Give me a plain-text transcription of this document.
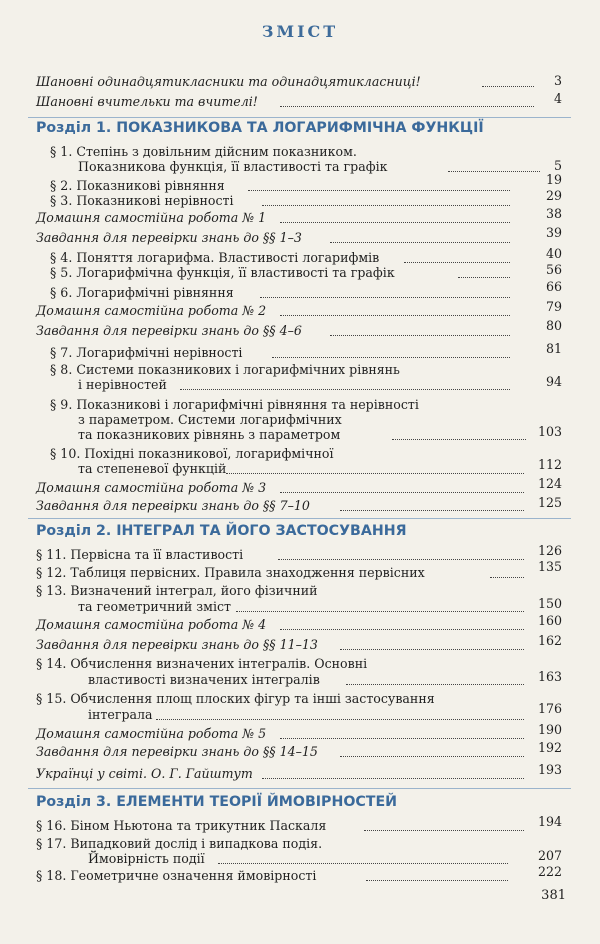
ЗМІСТ
Шановні одинадцятикласники та одинадцятикласниці!	3
Шановні вчительки та вчителі!	4
Розділ 1. ПОКАЗНИКОВА ТА ЛОГАРИФМІЧНА ФУНКЦІЇ
§ 1. Степінь з довільним дійсним показником.
Показникова функція, її властивості та графік	5
§ 2. Показникові рівняння	19
§ 3. Показникові нерівності	29
Домашня самостійна робота № 1	38
Завдання для перевірки знань до §§ 1–3	39
§ 4. Поняття логарифма. Властивості логарифмів	40
§ 5. Логарифмічна функція, її властивості та графік	56
§ 6. Логарифмічні рівняння	66
Домашня самостійна робота № 2	79
Завдання для перевірки знань до §§ 4–6	80
§ 7. Логарифмічні нерівності	81
§ 8. Системи показникових і логарифмічних рівнянь
і нерівностей	94
§ 9. Показникові і логарифмічні рівняння та нерівності
з параметром. Системи логарифмічних
та показникових рівнянь з параметром	103
§ 10. Похідні показникової, логарифмічної
та степеневої функцій	112
Домашня самостійна робота № 3	124
Завдання для перевірки знань до §§ 7–10	125
Розділ 2. ІНТЕГРАЛ ТА ЙОГО ЗАСТОСУВАННЯ
§ 11. Первісна та її властивості	126
§ 12. Таблиця первісних. Правила знаходження первісних	135
§ 13. Визначений інтеграл, його фізичний
та геометричний зміст	150
Домашня самостійна робота № 4	160
Завдання для перевірки знань до §§ 11–13	162
§ 14. Обчислення визначених інтегралів. Основні
властивості визначених інтегралів	163
§ 15. Обчислення площ плоских фігур та інші застосування
інтеграла	176
Домашня самостійна робота № 5	190
Завдання для перевірки знань до §§ 14–15	192
Українці у світі. О. Г. Гайштут	193
Розділ 3. ЕЛЕМЕНТИ ТЕОРІЇ ЙМОВІРНОСТЕЙ
§ 16. Біном Ньютона та трикутник Паскаля	194
§ 17. Випадковий дослід і випадкова подія.
Ймовірність події	207
§ 18. Геометричне означення ймовірності	222
381
